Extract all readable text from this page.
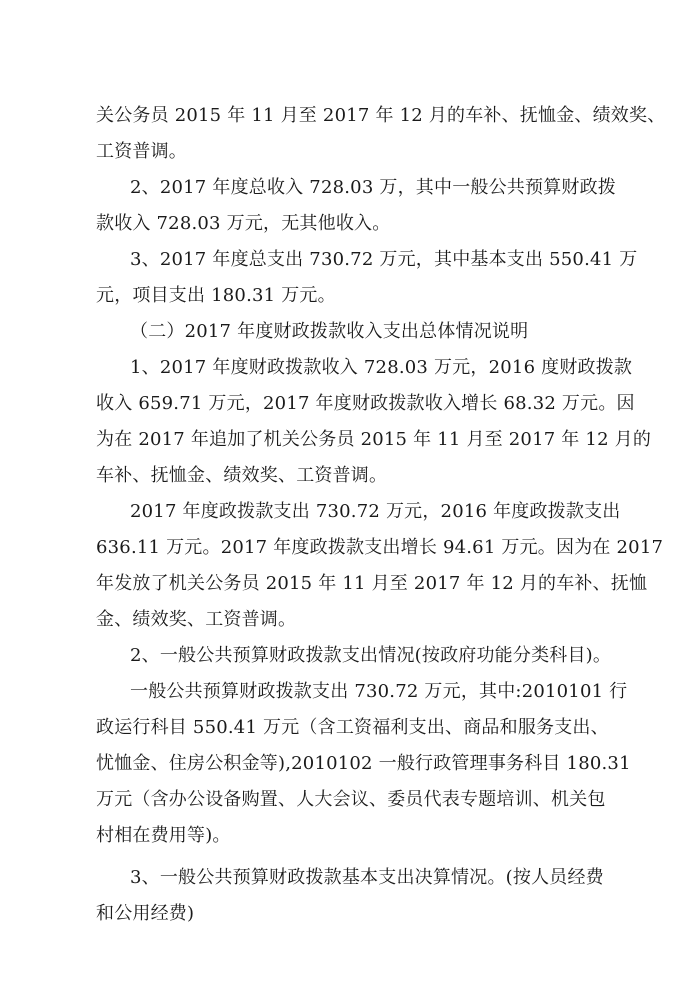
关公务员 2015 年 11 月至 2017 年 12 月的车补、抚恤金、绩效奖、
工资普调。
2、2017 年度总收入 728.03 万，其中一般公共预算财政拨
款收入 728.03 万元，无其他收入。
3、2017 年度总支出 730.72 万元，其中基本支出 550.41 万
元，项目支出 180.31 万元。
（二）2017 年度财政拨款收入支出总体情况说明
1、2017 年度财政拨款收入 728.03 万元，2016 度财政拨款
收入 659.71 万元，2017 年度财政拨款收入增长 68.32 万元。因
为在 2017 年追加了机关公务员 2015 年 11 月至 2017 年 12 月的
车补、抚恤金、绩效奖、工资普调。
2017 年度政拨款支出 730.72 万元，2016 年度政拨款支出
636.11 万元。2017 年度政拨款支出增长 94.61 万元。因为在 2017
年发放了机关公务员 2015 年 11 月至 2017 年 12 月的车补、抚恤
金、绩效奖、工资普调。
2、一般公共预算财政拨款支出情况(按政府功能分类科目)。
一般公共预算财政拨款支出 730.72 万元，其中:2010101 行
政运行科目 550.41 万元（含工资福利支出、商品和服务支出、
忧恤金、住房公积金等),2010102 一般行政管理事务科目 180.31
万元（含办公设备购置、人大会议、委员代表专题培训、机关包
村相在费用等)。
3、一般公共预算财政拨款基本支出决算情况。(按人员经费
和公用经费)
